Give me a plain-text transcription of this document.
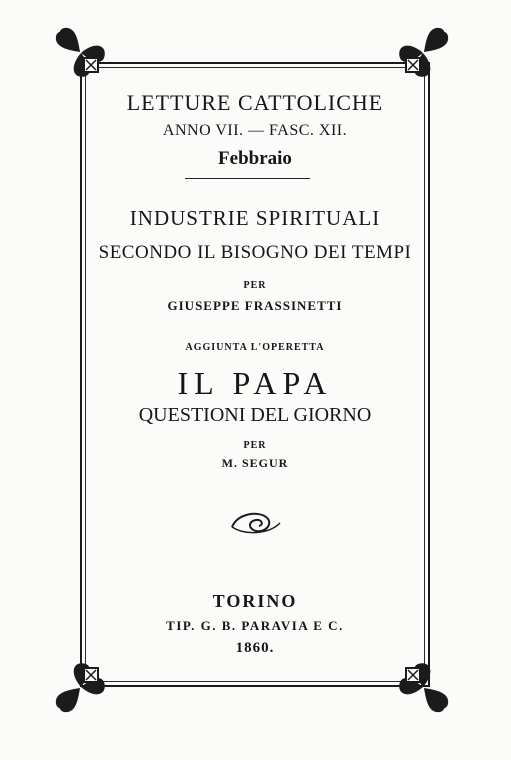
LETTURE CATTOLICHE
ANNO VII. — FASC. XII.
Febbraio
INDUSTRIE SPIRITUALI
SECONDO IL BISOGNO DEI TEMPI
PER
GIUSEPPE FRASSINETTI
AGGIUNTA L'OPERETTA
IL PAPA
QUESTIONI DEL GIORNO
PER
M. SEGUR
TORINO
TIP. G. B. PARAVIA E C.
1860.
